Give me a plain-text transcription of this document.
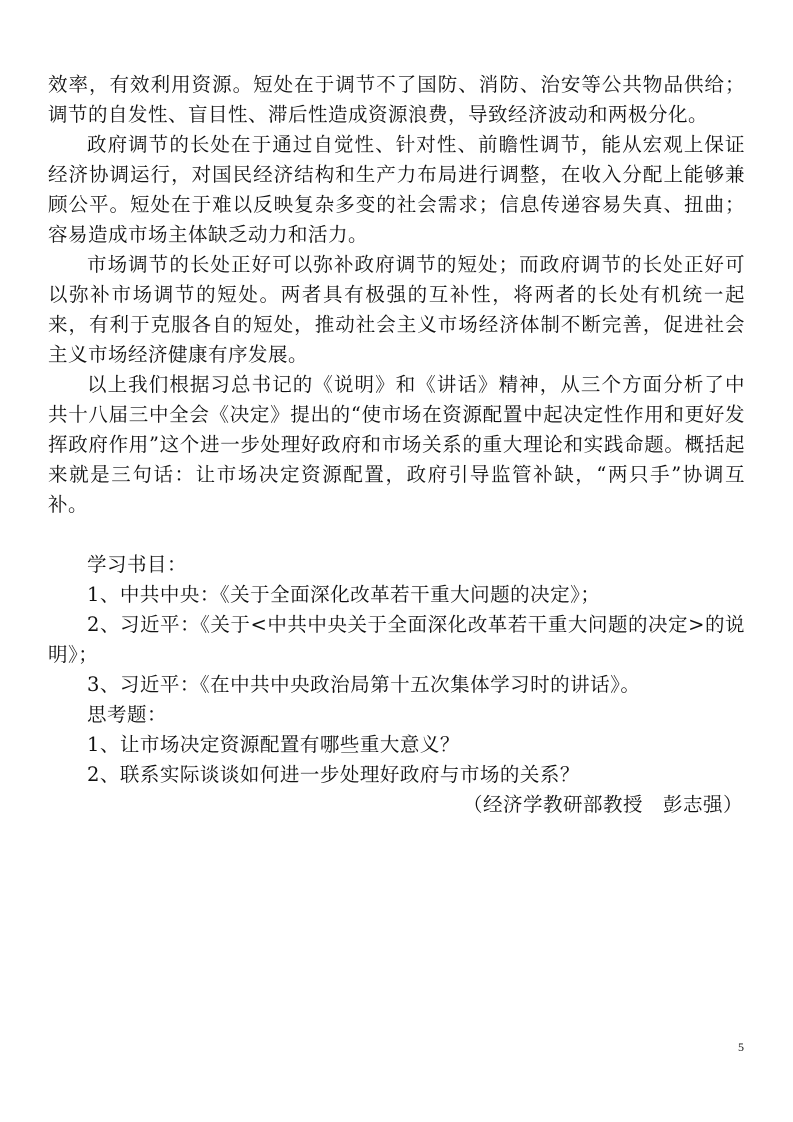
效率，有效利用资源。短处在于调节不了国防、消防、治安等公共物品供给；调节的自发性、盲目性、滞后性造成资源浪费，导致经济波动和两极分化。

政府调节的长处在于通过自觉性、针对性、前瞻性调节，能从宏观上保证经济协调运行，对国民经济结构和生产力布局进行调整，在收入分配上能够兼顾公平。短处在于难以反映复杂多变的社会需求；信息传递容易失真、扭曲；容易造成市场主体缺乏动力和活力。

市场调节的长处正好可以弥补政府调节的短处；而政府调节的长处正好可以弥补市场调节的短处。两者具有极强的互补性，将两者的长处有机统一起来，有利于克服各自的短处，推动社会主义市场经济体制不断完善，促进社会主义市场经济健康有序发展。

以上我们根据习总书记的《说明》和《讲话》精神，从三个方面分析了中共十八届三中全会《决定》提出的“使市场在资源配置中起决定性作用和更好发挥政府作用”这个进一步处理好政府和市场关系的重大理论和实践命题。概括起来就是三句话：让市场决定资源配置，政府引导监管补缺，“两只手”协调互补。

学习书目：

1、中共中央：《关于全面深化改革若干重大问题的决定》；

2、习近平：《关于<中共中央关于全面深化改革若干重大问题的决定>的说明》；

3、习近平：《在中共中央政治局第十五次集体学习时的讲话》。

思考题：

1、让市场决定资源配置有哪些重大意义？

2、联系实际谈谈如何进一步处理好政府与市场的关系？

（经济学教研部教授　彭志强）

5
